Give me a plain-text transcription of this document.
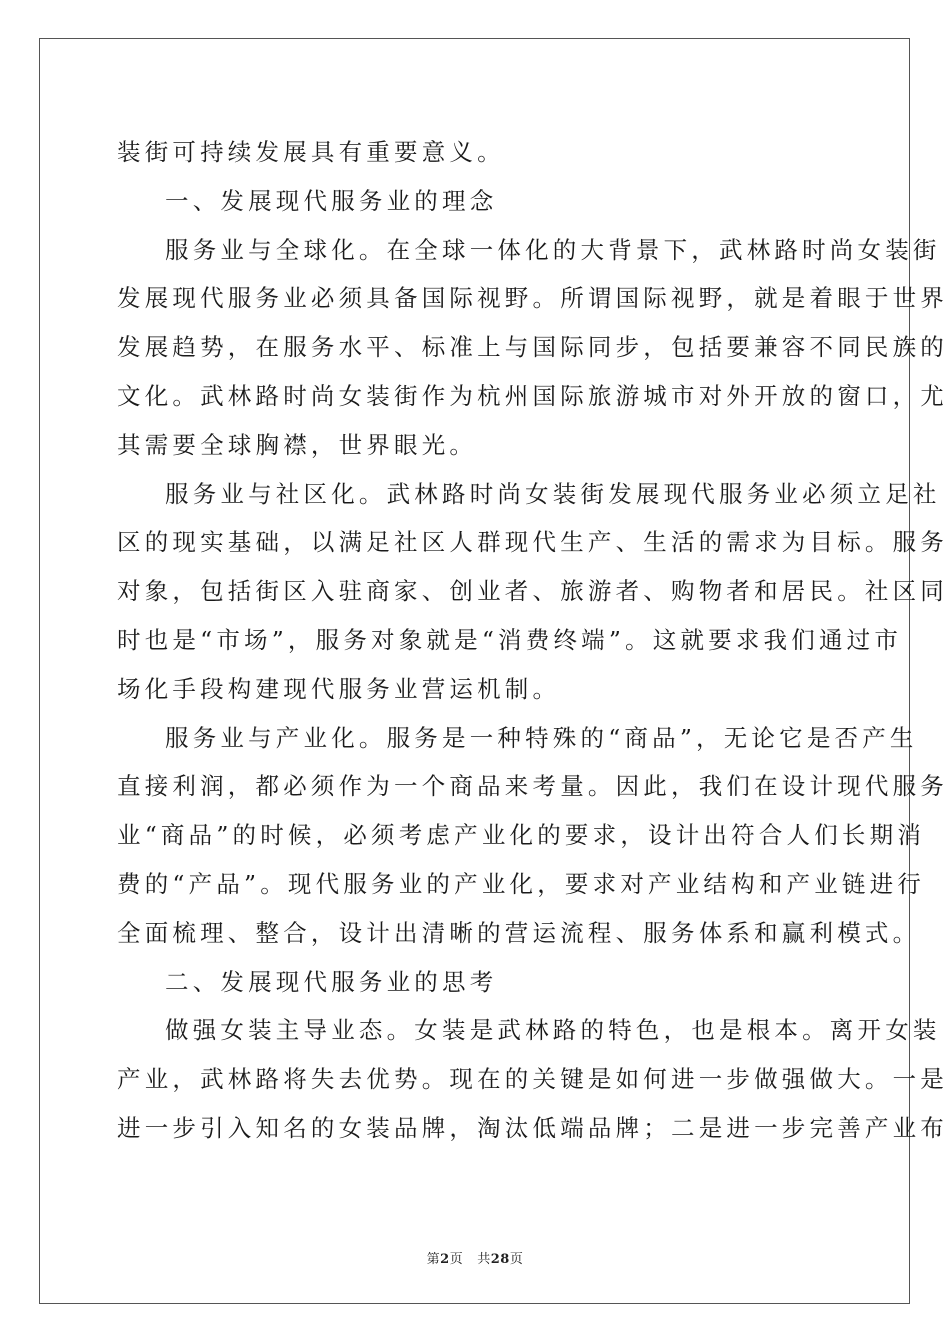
装街可持续发展具有重要意义。
一、发展现代服务业的理念
服务业与全球化。在全球一体化的大背景下，武林路时尚女装街
发展现代服务业必须具备国际视野。所谓国际视野，就是着眼于世界
发展趋势，在服务水平、标准上与国际同步，包括要兼容不同民族的
文化。武林路时尚女装街作为杭州国际旅游城市对外开放的窗口，尤
其需要全球胸襟，世界眼光。
服务业与社区化。武林路时尚女装街发展现代服务业必须立足社
区的现实基础，以满足社区人群现代生产、生活的需求为目标。服务
对象，包括街区入驻商家、创业者、旅游者、购物者和居民。社区同
时也是“市场”，服务对象就是“消费终端”。这就要求我们通过市
场化手段构建现代服务业营运机制。
服务业与产业化。服务是一种特殊的“商品”，无论它是否产生
直接利润，都必须作为一个商品来考量。因此，我们在设计现代服务
业“商品”的时候，必须考虑产业化的要求，设计出符合人们长期消
费的“产品”。现代服务业的产业化，要求对产业结构和产业链进行
全面梳理、整合，设计出清晰的营运流程、服务体系和赢利模式。
二、发展现代服务业的思考
做强女装主导业态。女装是武林路的特色，也是根本。离开女装
产业，武林路将失去优势。现在的关键是如何进一步做强做大。一是
进一步引入知名的女装品牌，淘汰低端品牌；二是进一步完善产业布
第2页 共28页
